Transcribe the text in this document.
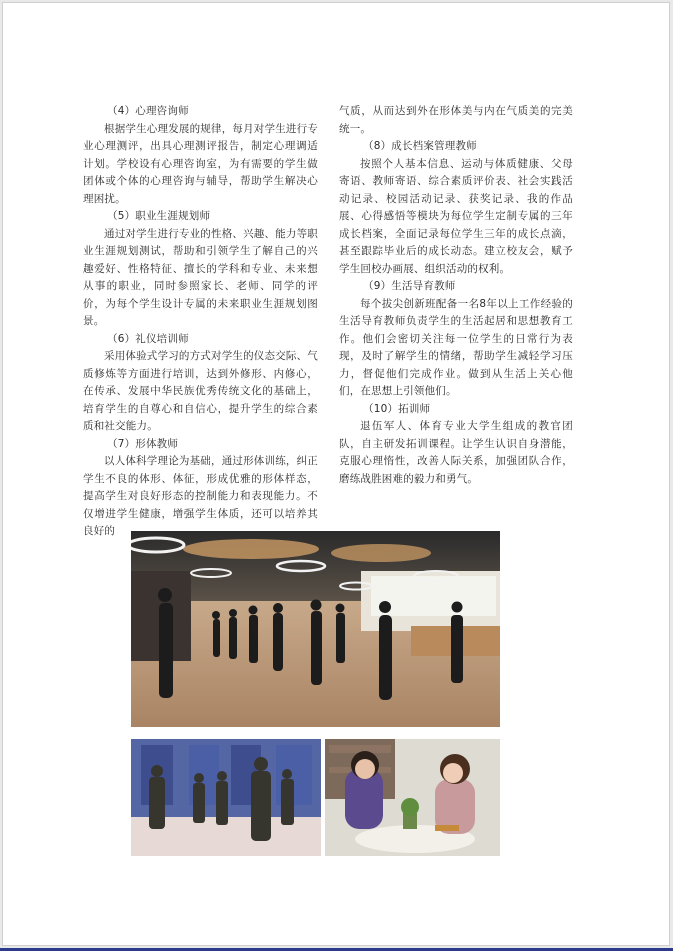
（4）心理咨询师

根据学生心理发展的规律，每月对学生进行专业心理测评，出具心理测评报告，制定心理调适计划。学校设有心理咨询室，为有需要的学生做团体或个体的心理咨询与辅导，帮助学生解决心理困扰。

（5）职业生涯规划师

通过对学生进行专业的性格、兴趣、能力等职业生涯规划测试，帮助和引领学生了解自己的兴趣爱好、性格特征、擅长的学科和专业、未来想从事的职业，同时参照家长、老师、同学的评价，为每个学生设计专属的未来职业生涯规划图景。

（6）礼仪培训师

采用体验式学习的方式对学生的仪态交际、气质修炼等方面进行培训，达到外修形、内修心，在传承、发展中华民族优秀传统文化的基础上，培育学生的自尊心和自信心，提升学生的综合素质和社交能力。

（7）形体教师

以人体科学理论为基础，通过形体训练，纠正学生不良的体形、体征，形成优雅的形体样态，提高学生对良好形态的控制能力和表现能力。不仅增进学生健康，增强学生体质，还可以培养其良好的

气质，从而达到外在形体美与内在气质美的完美统一。

（8）成长档案管理教师

按照个人基本信息、运动与体质健康、父母寄语、教师寄语、综合素质评价表、社会实践活动记录、校园活动记录、获奖记录、我的作品展、心得感悟等模块为每位学生定制专属的三年成长档案，全面记录每位学生三年的成长点滴，甚至跟踪毕业后的成长动态。建立校友会，赋予学生回校办画展、组织活动的权利。

（9）生活导育教师

每个拔尖创新班配备一名8年以上工作经验的生活导育教师负责学生的生活起居和思想教育工作。他们会密切关注每一位学生的日常行为表现，及时了解学生的情绪，帮助学生减轻学习压力，督促他们完成作业。做到从生活上关心他们，在思想上引领他们。

（10）拓训师

退伍军人、体育专业大学生组成的教官团队，自主研发拓训课程。让学生认识自身潜能，克服心理惰性，改善人际关系，加强团队合作，磨练战胜困难的毅力和勇气。
